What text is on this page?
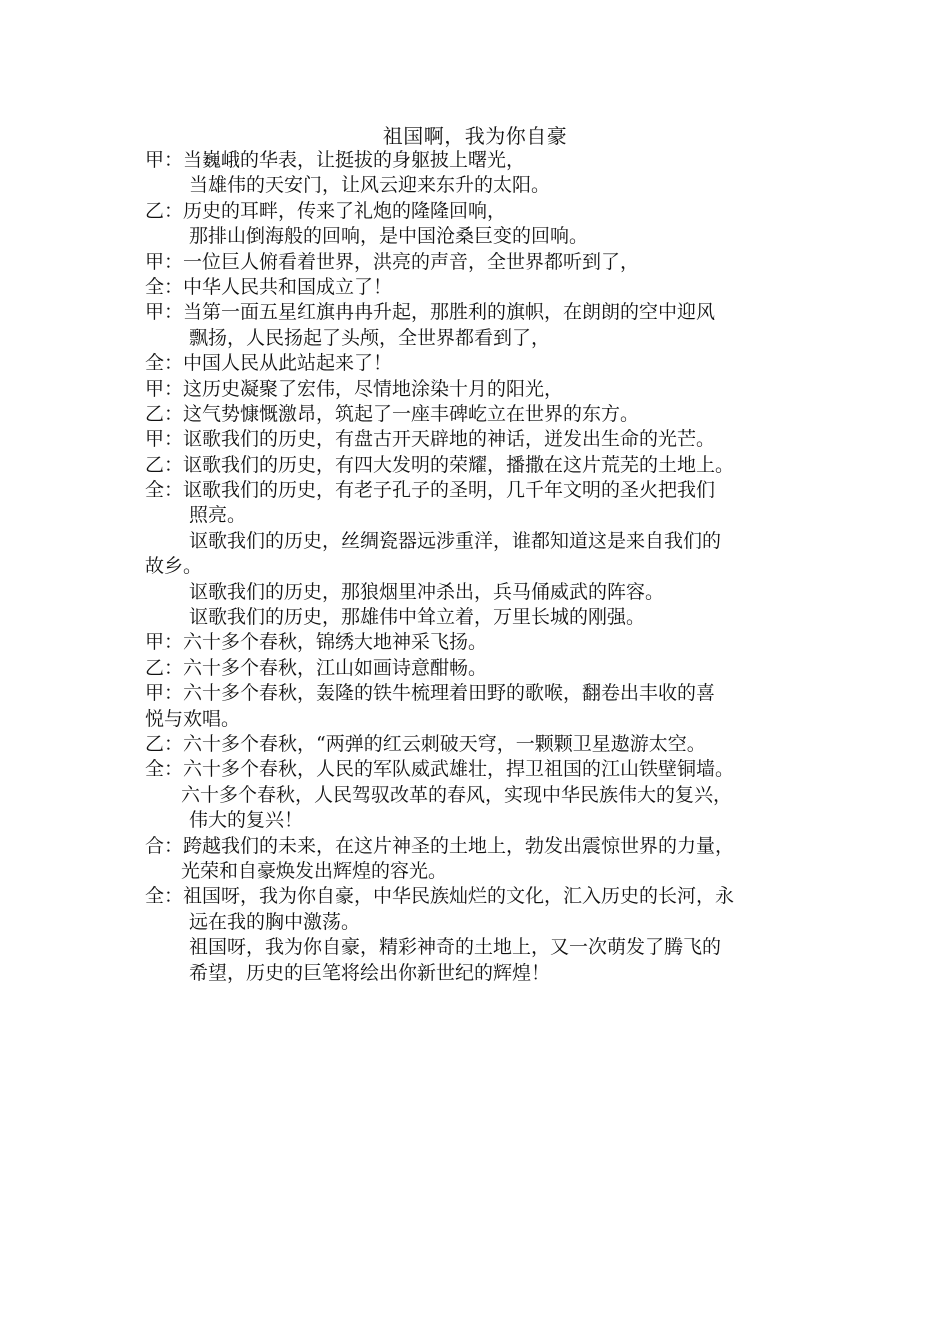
祖国啊，我为你自豪
甲：当巍峨的华表，让挺拔的身躯披上曙光，
当雄伟的天安门，让风云迎来东升的太阳。
乙：历史的耳畔，传来了礼炮的隆隆回响，
那排山倒海般的回响，是中国沧桑巨变的回响。
甲：一位巨人俯看着世界，洪亮的声音，全世界都听到了，
全：中华人民共和国成立了！
甲：当第一面五星红旗冉冉升起，那胜利的旗帜，在朗朗的空中迎风
飘扬，人民扬起了头颅，全世界都看到了，
全：中国人民从此站起来了！
甲：这历史凝聚了宏伟，尽情地涂染十月的阳光，
乙：这气势慷慨激昂，筑起了一座丰碑屹立在世界的东方。
甲：讴歌我们的历史，有盘古开天辟地的神话，迸发出生命的光芒。
乙：讴歌我们的历史，有四大发明的荣耀，播撒在这片荒芜的土地上。
全：讴歌我们的历史，有老子孔子的圣明，几千年文明的圣火把我们
照亮。
讴歌我们的历史，丝绸瓷器远涉重洋，谁都知道这是来自我们的
故乡。
讴歌我们的历史，那狼烟里冲杀出，兵马俑威武的阵容。
讴歌我们的历史，那雄伟中耸立着，万里长城的刚强。
甲：六十多个春秋，锦绣大地神采飞扬。
乙：六十多个春秋，江山如画诗意酣畅。
甲：六十多个春秋，轰隆的铁牛梳理着田野的歌喉，翻卷出丰收的喜
悦与欢唱。
乙：六十多个春秋，“两弹的红云刺破天穹，一颗颗卫星遨游太空。
全：六十多个春秋，人民的军队威武雄壮，捍卫祖国的江山铁壁铜墙。
六十多个春秋，人民驾驭改革的春风，实现中华民族伟大的复兴，
伟大的复兴！
合：跨越我们的未来，在这片神圣的土地上，勃发出震惊世界的力量，
光荣和自豪焕发出辉煌的容光。
全：祖国呀，我为你自豪，中华民族灿烂的文化，汇入历史的长河，永
远在我的胸中激荡。
祖国呀，我为你自豪，精彩神奇的土地上，又一次萌发了腾飞的
希望，历史的巨笔将绘出你新世纪的辉煌！
